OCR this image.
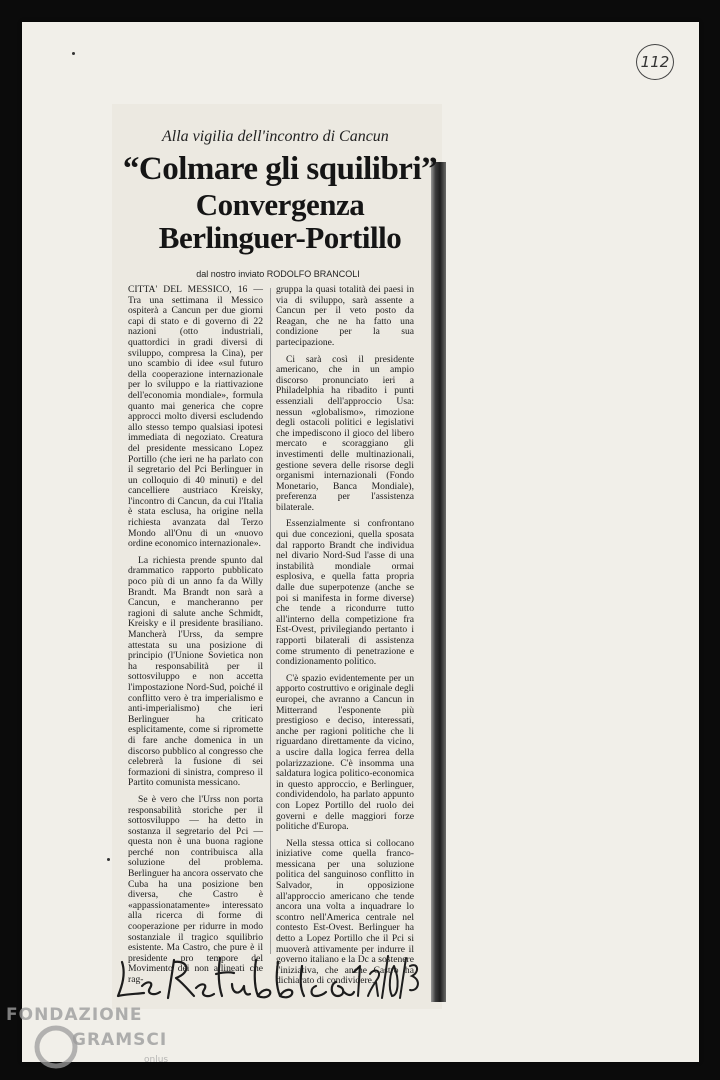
112
Alla vigilia dell'incontro di Cancun
“Colmare gli squilibri”
Convergenza
Berlinguer-Portillo
dal nostro inviato RODOLFO BRANCOLI

CITTA' DEL MESSICO, 16 — Tra una settimana il Messico ospiterà a Cancun per due giorni capi di stato e di governo di 22 nazioni (otto industriali, quattordici in gradi diversi di sviluppo, compresa la Cina), per uno scambio di idee «sul futuro della cooperazione internazionale per lo sviluppo e la riattivazione dell'economia mondiale», formula quanto mai generica che copre approcci molto diversi escludendo allo stesso tempo qualsiasi ipotesi immediata di negoziato. Creatura del presidente messicano Lopez Portillo (che ieri ne ha parlato con il segretario del Pci Berlinguer in un colloquio di 40 minuti) e del cancelliere austriaco Kreisky, l'incontro di Cancun, da cui l'Italia è stata esclusa, ha origine nella richiesta avanzata dal Terzo Mondo all'Onu di un «nuovo ordine economico internazionale».

La richiesta prende spunto dal drammatico rapporto pubblicato poco più di un anno fa da Willy Brandt. Ma Brandt non sarà a Cancun, e mancheranno per ragioni di salute anche Schmidt, Kreisky e il presidente brasiliano. Mancherà l'Urss, da sempre attestata su una posizione di principio (l'Unione Sovietica non ha responsabilità per il sottosviluppo e non accetta l'impostazione Nord-Sud, poiché il conflitto vero è tra imperialismo e anti-imperialismo) che ieri Berlinguer ha criticato esplicitamente, come si ripromette di fare anche domenica in un discorso pubblico al congresso che celebrerà la fusione di sei formazioni di sinistra, compreso il Partito comunista messicano.

Se è vero che l'Urss non porta responsabilità storiche per il sottosviluppo — ha detto in sostanza il segretario del Pci — questa non è una buona ragione perché non contribuisca alla soluzione del problema. Berlinguer ha ancora osservato che Cuba ha una posizione ben diversa, che Castro è «appassionatamente» interessato alla ricerca di forme di cooperazione per ridurre in modo sostanziale il tragico squilibrio esistente. Ma Castro, che pure è il presidente pro tempore del Movimento dei non allineati che rag-

gruppa la quasi totalità dei paesi in via di sviluppo, sarà assente a Cancun per il veto posto da Reagan, che ne ha fatto una condizione per la sua partecipazione.

Ci sarà così il presidente americano, che in un ampio discorso pronunciato ieri a Philadelphia ha ribadito i punti essenziali dell'approccio Usa: nessun «globalismo», rimozione degli ostacoli politici e legislativi che impediscono il gioco del libero mercato e scoraggiano gli investimenti delle multinazionali, gestione severa delle risorse degli organismi internazionali (Fondo Monetario, Banca Mondiale), preferenza per l'assistenza bilaterale.

Essenzialmente si confrontano qui due concezioni, quella sposata dal rapporto Brandt che individua nel divario Nord-Sud l'asse di una instabilità mondiale ormai esplosiva, e quella fatta propria dalle due superpotenze (anche se poi si manifesta in forme diverse) che tende a ricondurre tutto all'interno della competizione fra Est-Ovest, privilegiando pertanto i rapporti bilaterali di assistenza come strumento di penetrazione e condizionamento politico.

C'è spazio evidentemente per un apporto costruttivo e originale degli europei, che avranno a Cancun in Mitterrand l'esponente più prestigioso e deciso, interessati, anche per ragioni politiche che li riguardano direttamente da vicino, a uscire dalla logica ferrea della polarizzazione. C'è insomma una saldatura logica politico-economica in questo approccio, e Berlinguer, condividendolo, ha parlato appunto con Lopez Portillo del ruolo dei governi e delle maggiori forze politiche d'Europa.

Nella stessa ottica si collocano iniziative come quella franco-messicana per una soluzione politica del sanguinoso conflitto in Salvador, in opposizione all'approccio americano che tende ancora una volta a inquadrare lo scontro nell'America centrale nel contesto Est-Ovest. Berlinguer ha detto a Lopez Portillo che il Pci si muoverà attivamente per indurre il governo italiano e la Dc a sostenere l'iniziativa, che anche Castro ha dichiarato di condividere.

FONDAZIONE
GRAMSCI
onlus
